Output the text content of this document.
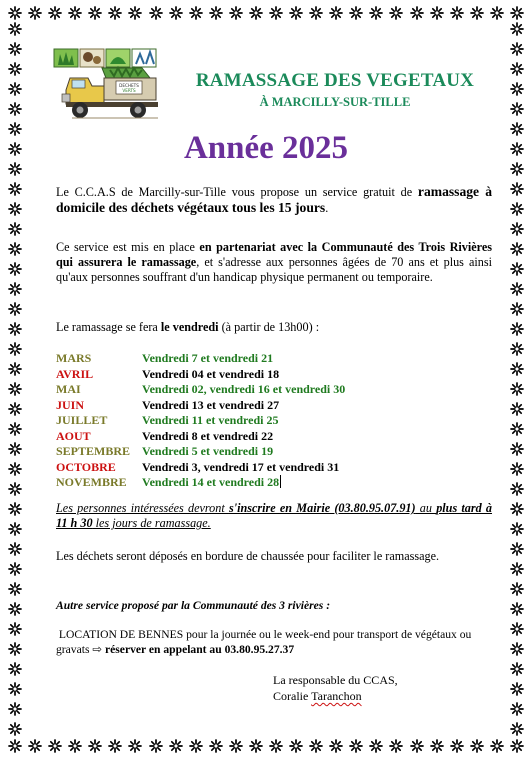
DECHETS
VERTS	RAMASSAGE DES VEGETAUX
À MARCILLY-SUR-TILLE
Année 2025
Le C.C.A.S de Marcilly-sur-Tille vous propose un service gratuit de ramassage à domicile des déchets végétaux tous les 15 jours.
Ce service est mis en place en partenariat avec la Communauté des Trois Rivières qui assurera le ramassage, et s'adresse aux personnes âgées de 70 ans et plus ainsi qu'aux personnes souffrant d'un handicap physique permanent ou temporaire.
Le ramassage se fera le vendredi (à partir de 13h00) :
MARS	Vendredi 7 et vendredi 21
AVRIL	Vendredi 04 et vendredi 18
MAI	Vendredi 02, vendredi 16 et vendredi 30
JUIN	Vendredi 13 et vendredi 27
JUILLET	Vendredi 11 et vendredi 25
AOUT	Vendredi 8 et vendredi 22
SEPTEMBRE	Vendredi 5 et vendredi 19
OCTOBRE	Vendredi 3, vendredi 17 et vendredi 31
NOVEMBRE	Vendredi 14 et vendredi 28
Les personnes intéressées devront s'inscrire en Mairie (03.80.95.07.91) au plus tard à 11 h 30 les jours de ramassage.
Les déchets seront déposés en bordure de chaussée pour faciliter le ramassage.
Autre service proposé par la Communauté des 3 rivières :
LOCATION DE BENNES pour la journée ou le week-end pour transport de végétaux ou gravats ⇨ réserver en appelant au 03.80.95.27.37
La responsable du CCAS,
Coralie Taranchon
